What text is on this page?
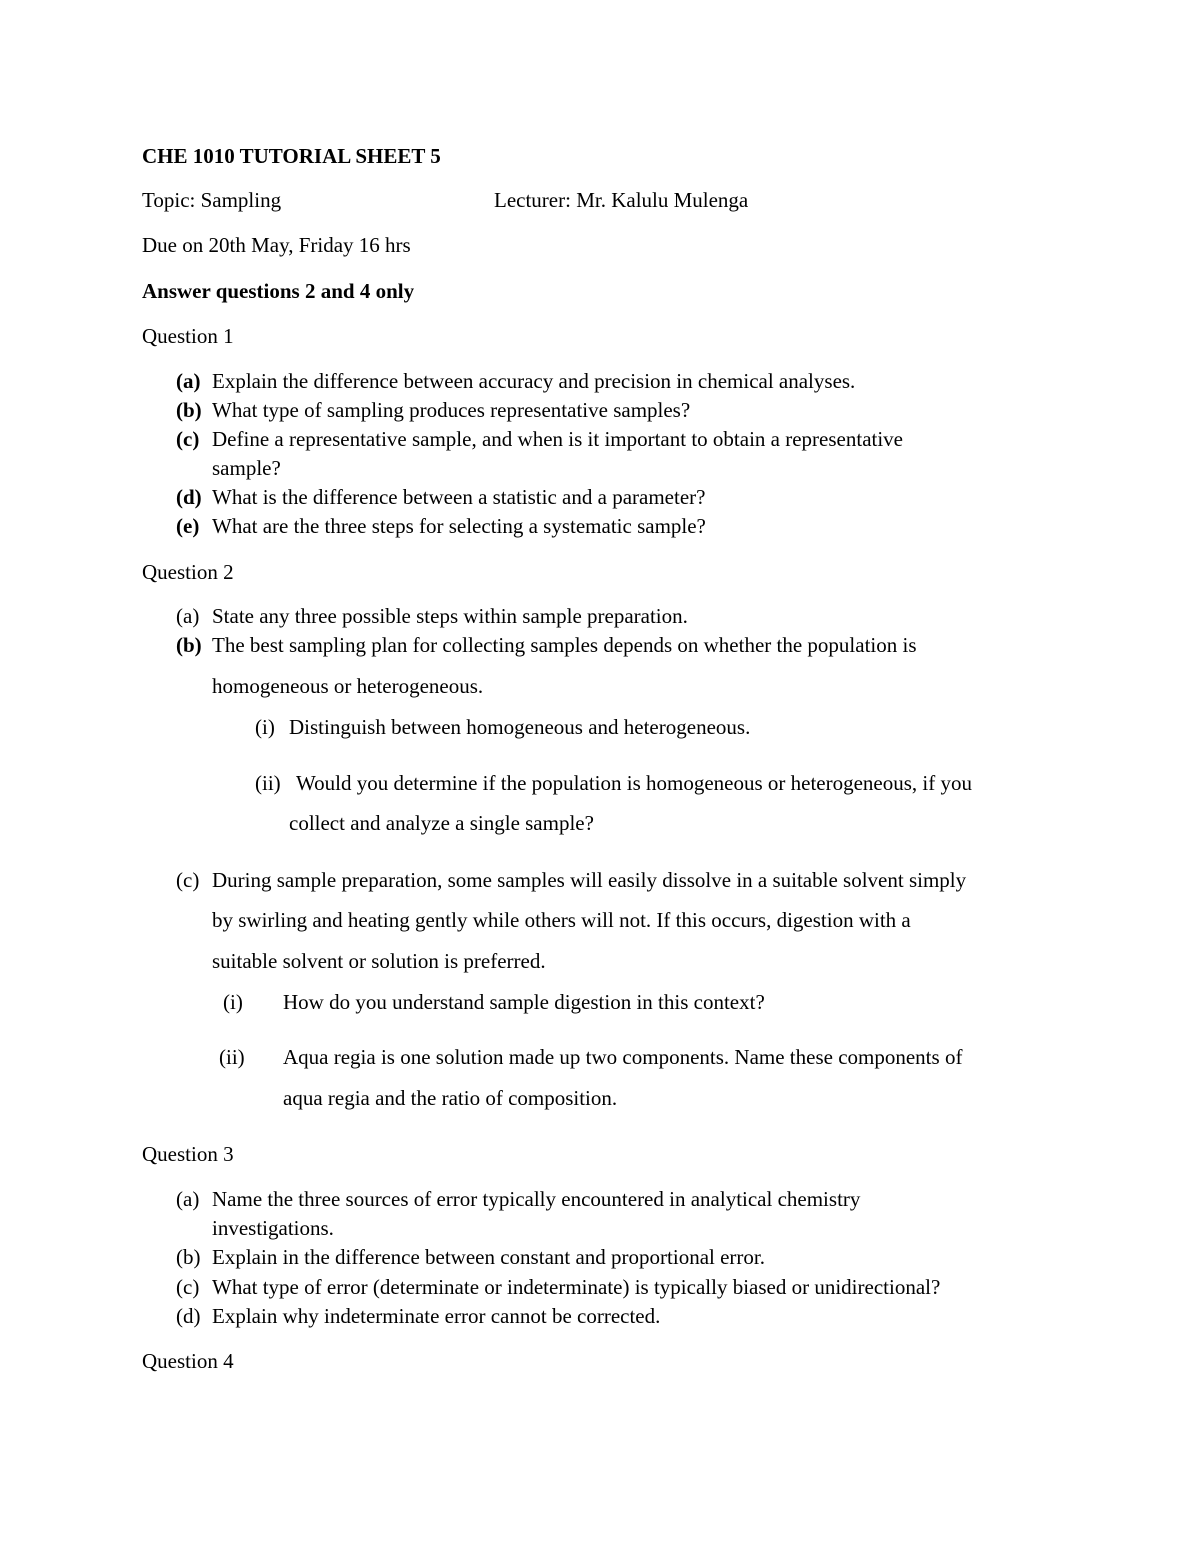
CHE 1010 TUTORIAL SHEET 5
Topic: Sampling	Lecturer: Mr. Kalulu Mulenga
Due on 20th May, Friday 16 hrs
Answer questions 2 and 4 only
Question 1
(a) Explain the difference between accuracy and precision in chemical analyses.
(b) What type of sampling produces representative samples?
(c) Define a representative sample, and when is it important to obtain a representative
sample?
(d) What is the difference between a statistic and a parameter?
(e) What are the three steps for selecting a systematic sample?
Question 2
(a) State any three possible steps within sample preparation.
(b) The best sampling plan for collecting samples depends on whether the population is
homogeneous or heterogeneous.
(i) Distinguish between homogeneous and heterogeneous.
(ii) Would you determine if the population is homogeneous or heterogeneous, if you
collect and analyze a single sample?
(c) During sample preparation, some samples will easily dissolve in a suitable solvent simply
by swirling and heating gently while others will not. If this occurs, digestion with a
suitable solvent or solution is preferred.
(i) How do you understand sample digestion in this context?
(ii) Aqua regia is one solution made up two components. Name these components of
aqua regia and the ratio of composition.
Question 3
(a) Name the three sources of error typically encountered in analytical chemistry
investigations.
(b) Explain in the difference between constant and proportional error.
(c) What type of error (determinate or indeterminate) is typically biased or unidirectional?
(d) Explain why indeterminate error cannot be corrected.
Question 4
